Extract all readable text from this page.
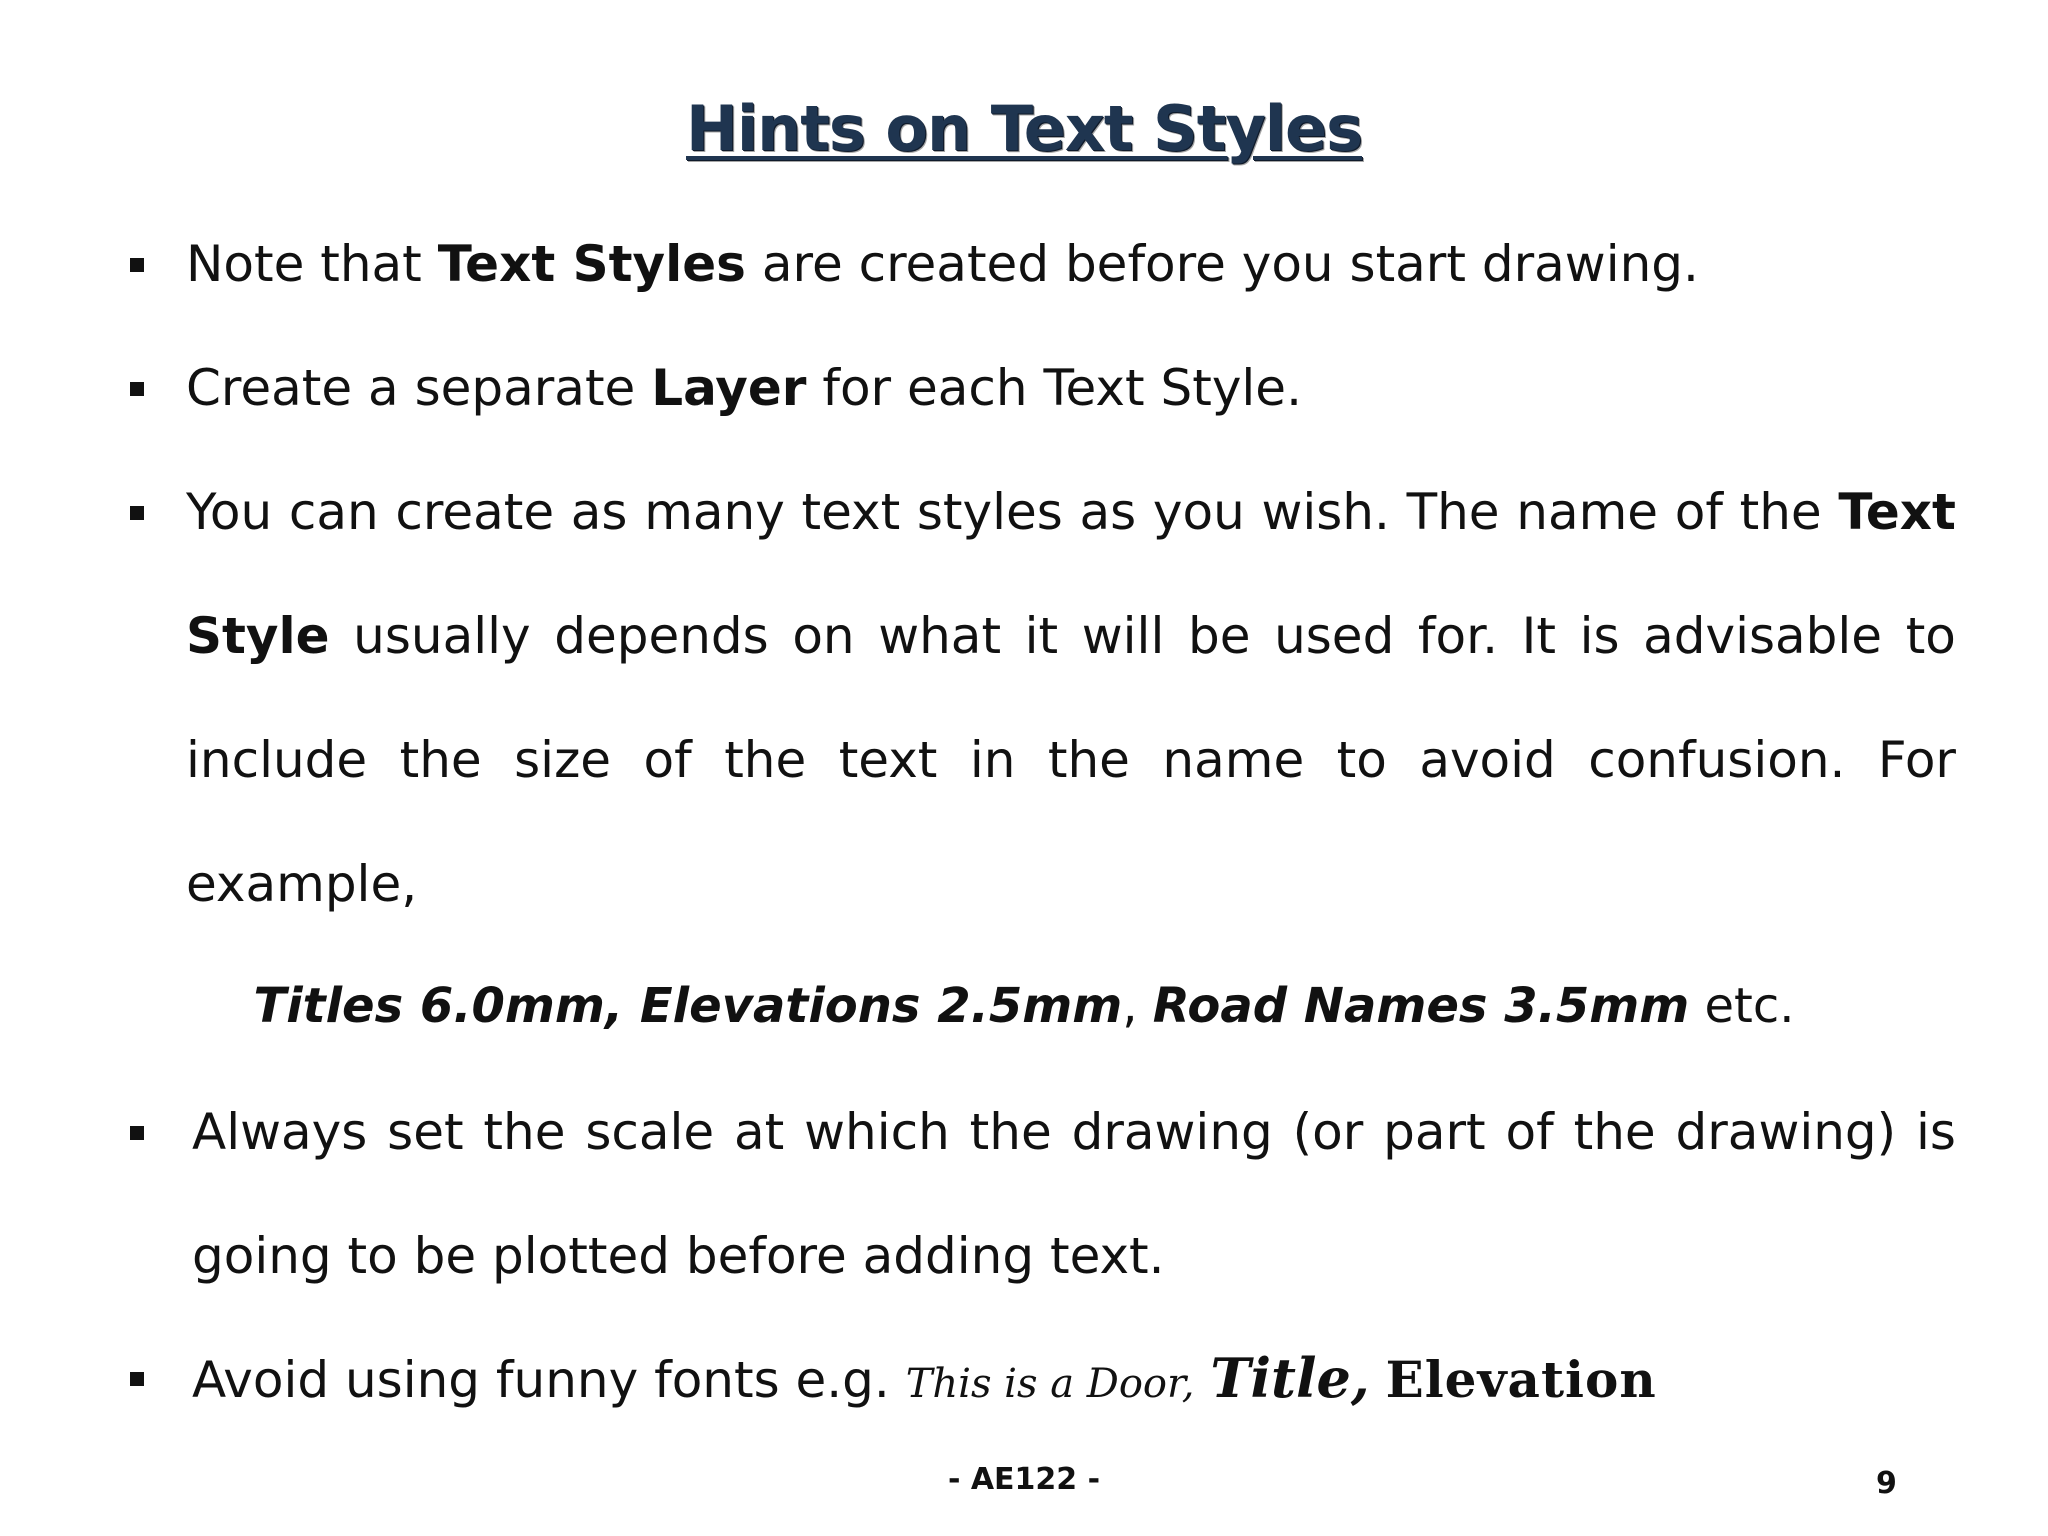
Hints on Text Styles
Note that Text Styles are created before you start drawing.
Create a separate Layer for each Text Style.
You can create as many text styles as you wish. The name of the Text
Style usually depends on what it will be used for. It is advisable to
include the size of the text in the name to avoid confusion. For
example,
Titles 6.0mm, Elevations 2.5mm, Road Names 3.5mm etc.
Always set the scale at which the drawing (or part of the drawing) is
going to be plotted before adding text.
Avoid using funny fonts e.g. This is a Door, Title, Elevation
- AE122 -	9
